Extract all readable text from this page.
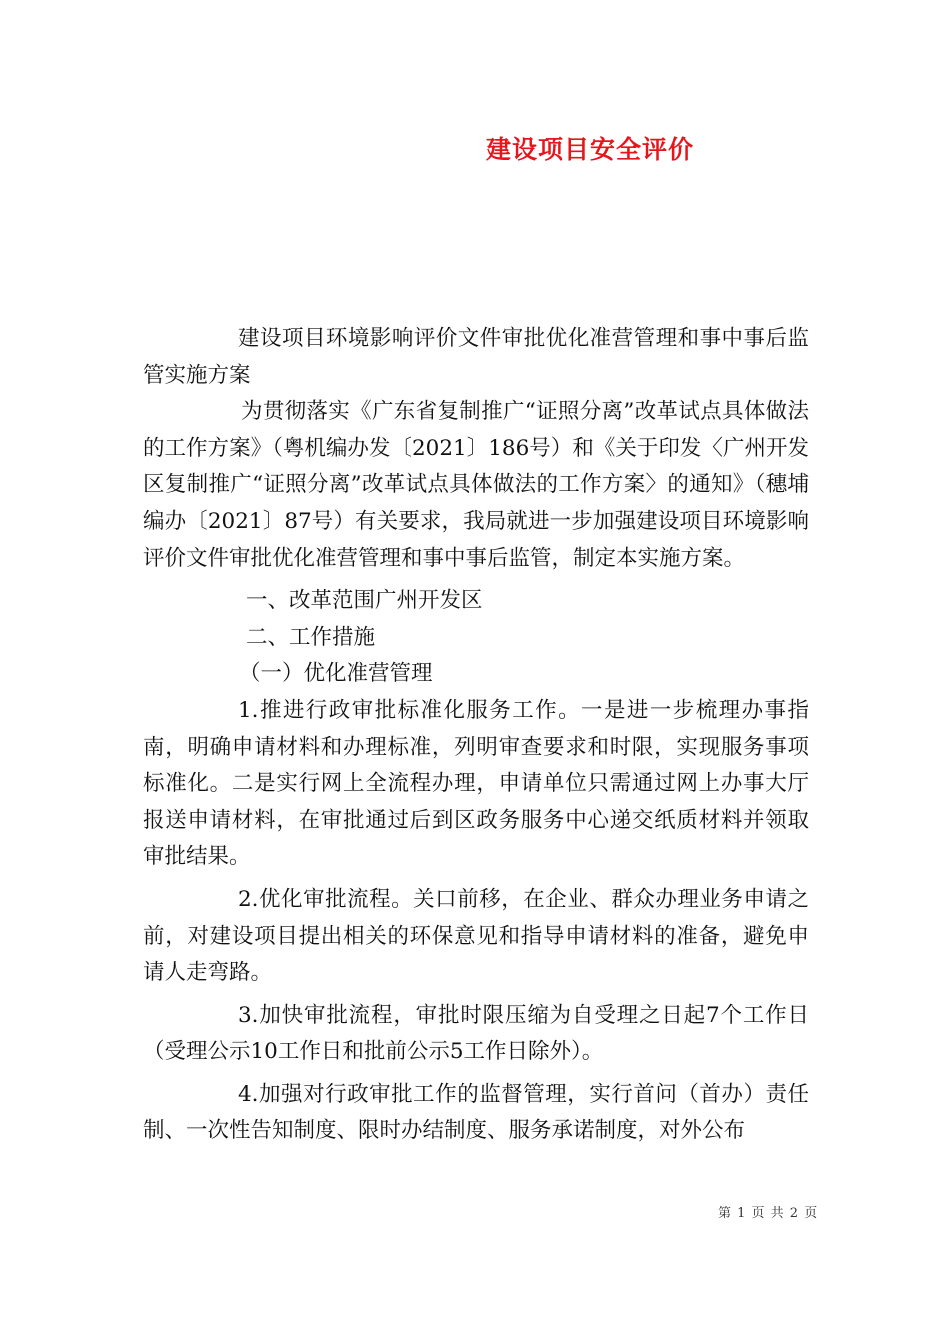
建设项目安全评价

建设项目环境影响评价文件审批优化准营管理和事中事后监管实施方案

为贯彻落实《广东省复制推广“证照分离”改革试点具体做法的工作方案》（粤机编办发〔2021〕186号）和《关于印发〈广州开发区复制推广“证照分离”改革试点具体做法的工作方案〉的通知》（穗埔编办〔2021〕87号）有关要求，我局就进一步加强建设项目环境影响评价文件审批优化准营管理和事中事后监管，制定本实施方案。

一、改革范围广州开发区

二、工作措施

（一）优化准营管理

1.推进行政审批标准化服务工作。一是进一步梳理办事指南，明确申请材料和办理标准，列明审查要求和时限，实现服务事项标准化。二是实行网上全流程办理，申请单位只需通过网上办事大厅报送申请材料，在审批通过后到区政务服务中心递交纸质材料并领取审批结果。

2.优化审批流程。关口前移，在企业、群众办理业务申请之前，对建设项目提出相关的环保意见和指导申请材料的准备，避免申请人走弯路。

3.加快审批流程，审批时限压缩为自受理之日起7个工作日（受理公示10工作日和批前公示5工作日除外）。

4.加强对行政审批工作的监督管理，实行首问（首办）责任制、一次性告知制度、限时办结制度、服务承诺制度，对外公布

第 1 页 共 2 页
